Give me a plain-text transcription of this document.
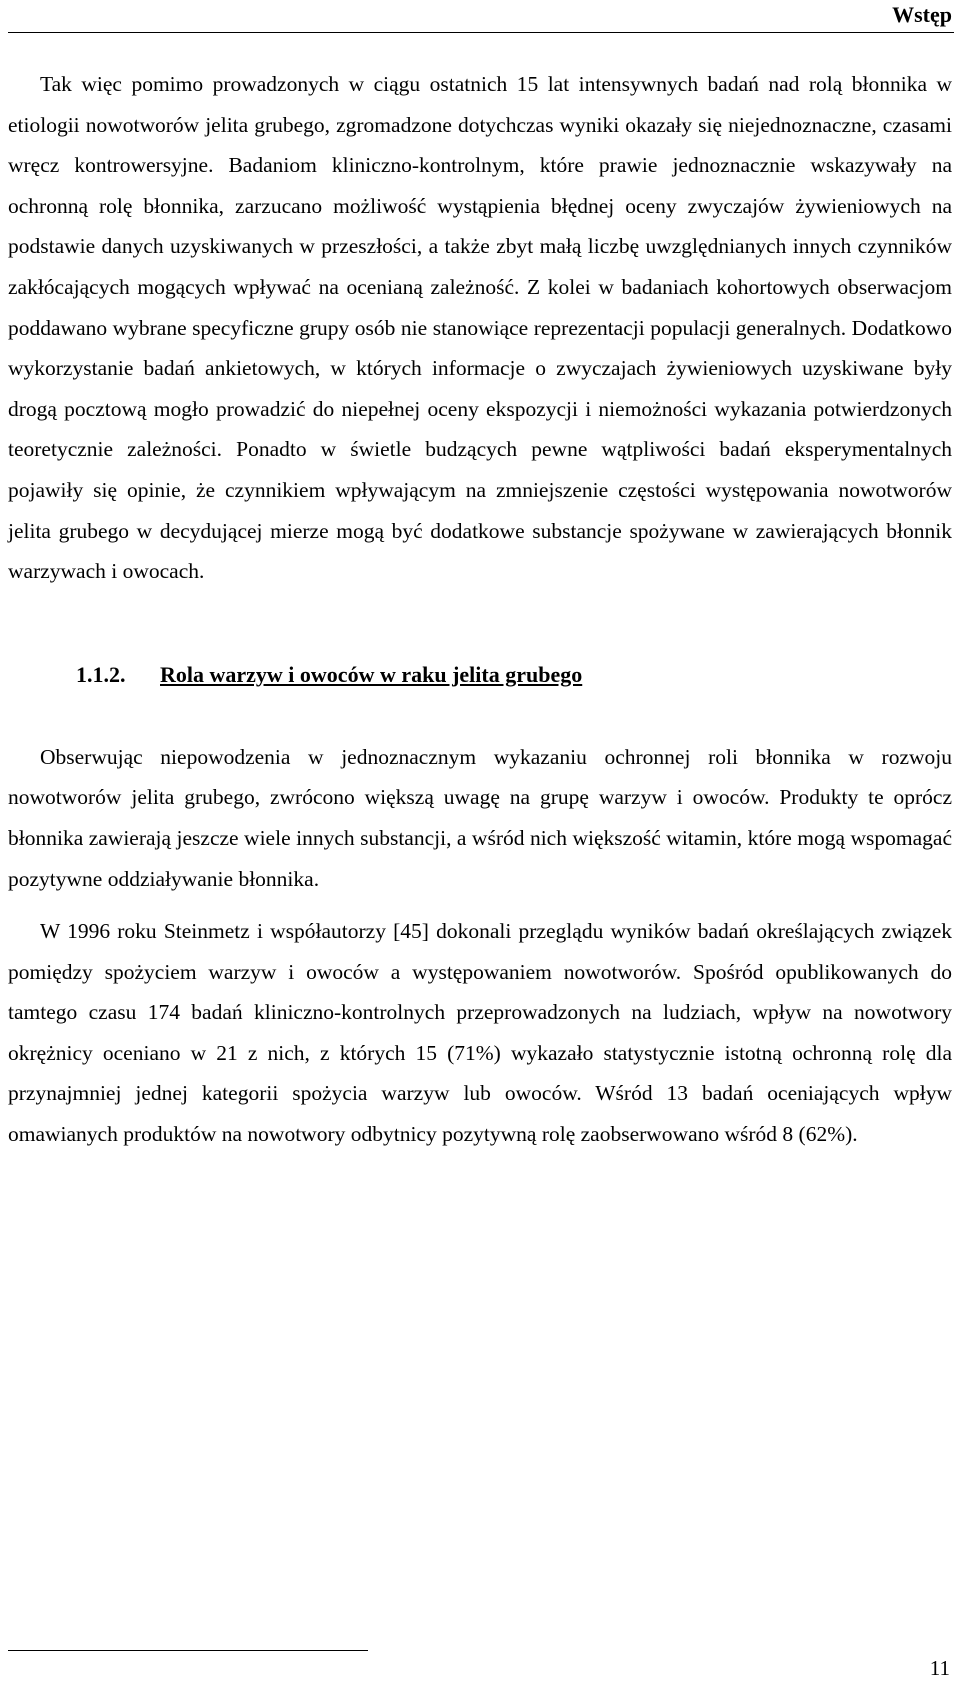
Wstęp

Tak więc pomimo prowadzonych w ciągu ostatnich 15 lat intensywnych badań nad rolą błonnika w etiologii nowotworów jelita grubego, zgromadzone dotychczas wyniki okazały się niejednoznaczne, czasami wręcz kontrowersyjne. Badaniom kliniczno-kontrolnym, które prawie jednoznacznie wskazywały na ochronną rolę błonnika, zarzucano możliwość wystąpienia błędnej oceny zwyczajów żywieniowych na podstawie danych uzyskiwanych w przeszłości, a także zbyt małą liczbę uwzględnianych innych czynników zakłócających mogących wpływać na ocenianą zależność. Z kolei w badaniach kohortowych obserwacjom poddawano wybrane specyficzne grupy osób nie stanowiące reprezentacji populacji generalnych. Dodatkowo wykorzystanie badań ankietowych, w których informacje o zwyczajach żywieniowych uzyskiwane były drogą pocztową mogło prowadzić do niepełnej oceny ekspozycji i niemożności wykazania potwierdzonych teoretycznie zależności. Ponadto w świetle budzących pewne wątpliwości badań eksperymentalnych pojawiły się opinie, że czynnikiem wpływającym na zmniejszenie częstości występowania nowotworów jelita grubego w decydującej mierze mogą być dodatkowe substancje spożywane w zawierających błonnik warzywach i owocach.

1.1.2. Rola warzyw i owoców w raku jelita grubego

Obserwując niepowodzenia w jednoznacznym wykazaniu ochronnej roli błonnika w rozwoju nowotworów jelita grubego, zwrócono większą uwagę na grupę warzyw i owoców. Produkty te oprócz błonnika zawierają jeszcze wiele innych substancji, a wśród nich większość witamin, które mogą wspomagać pozytywne oddziaływanie błonnika.

W 1996 roku Steinmetz i współautorzy [45] dokonali przeglądu wyników badań określających związek pomiędzy spożyciem warzyw i owoców a występowaniem nowotworów. Spośród opublikowanych do tamtego czasu 174 badań kliniczno-kontrolnych przeprowadzonych na ludziach, wpływ na nowotwory okrężnicy oceniano w 21 z nich, z których 15 (71%) wykazało statystycznie istotną ochronną rolę dla przynajmniej jednej kategorii spożycia warzyw lub owoców. Wśród 13 badań oceniających wpływ omawianych produktów na nowotwory odbytnicy pozytywną rolę zaobserwowano wśród 8 (62%).

11
